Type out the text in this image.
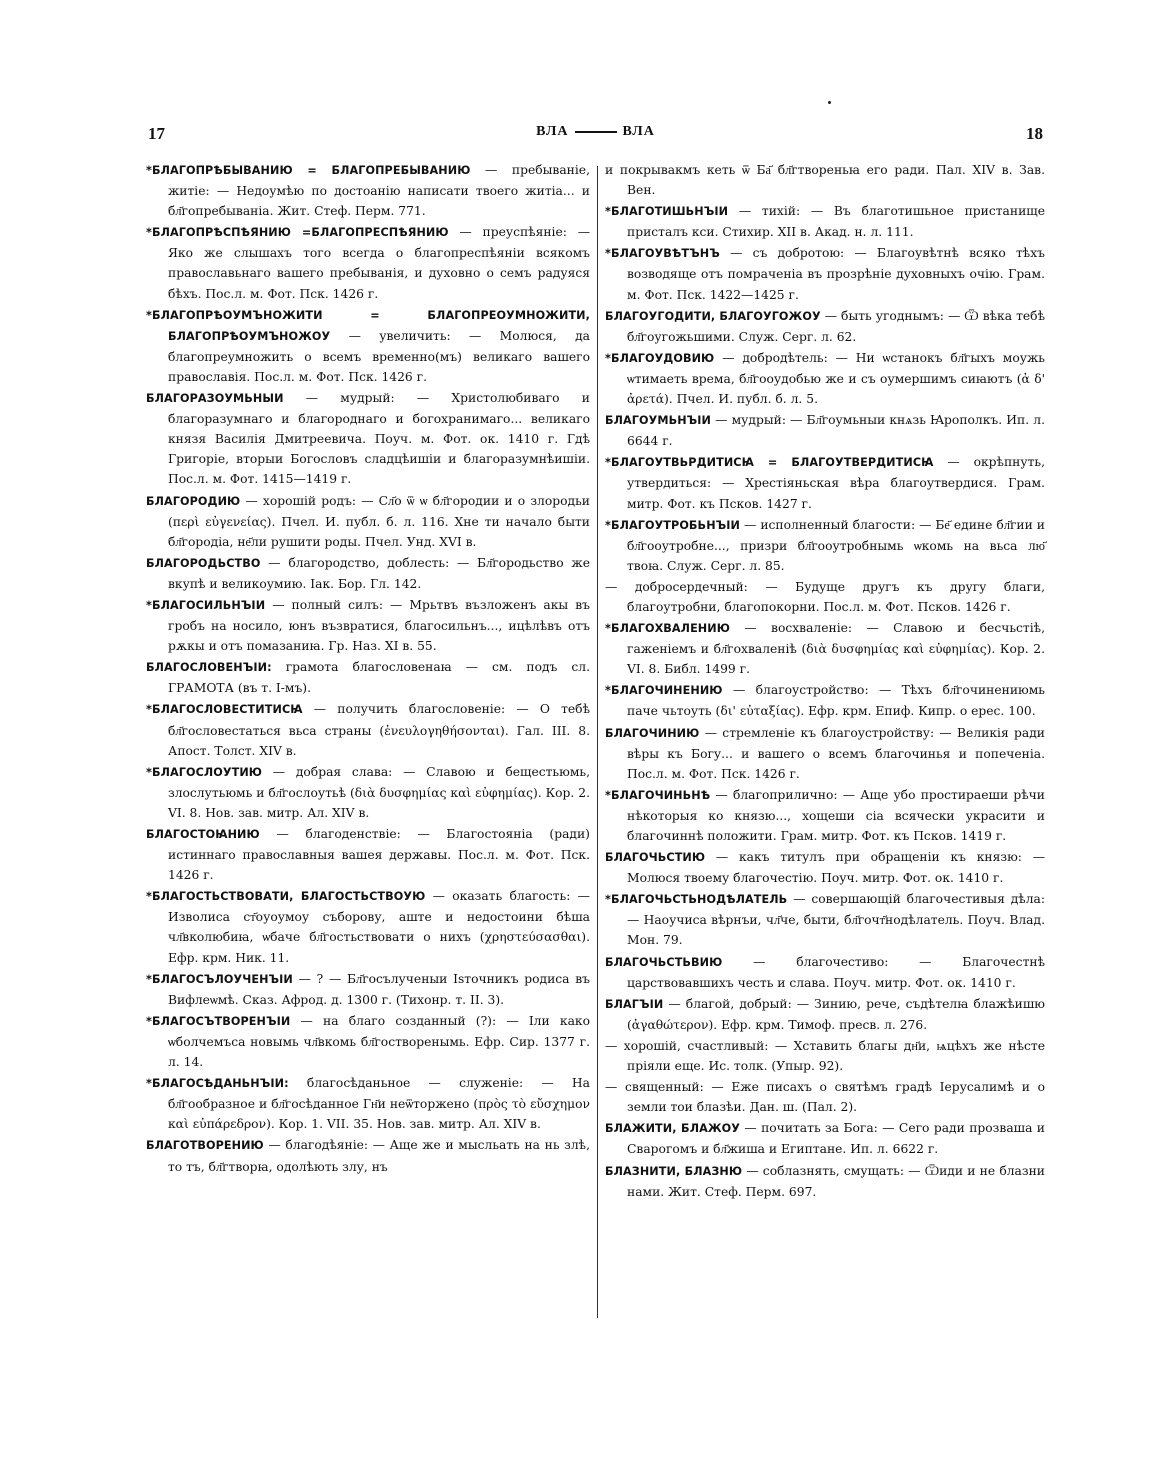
17	ВЛА	ВЛА	18

*БЛАГОПРѢБЫВАНИЮ = БЛАГОПРЕБЫВАНИЮ — пребываніе, житіе: — Недоумѣю по достоанію написати твоего житіа... и бл҃гопребываніа. Жит. Стеф. Перм. 771.

*БЛАГОПРѢСПѢЯНИЮ =БЛАГОПРЕСПѢЯНИЮ — преуспѣяніе: — Яко же слышахъ того всегда о благопреспѣяніи всякомъ православьнаго вашего пребыванія, и духовно о семъ радуяся бѣхъ. Пос.л. м. Фот. Пск. 1426 г.

*БЛАГОПРѢОУМЪНОЖИТИ = БЛАГОПРЕОУМНОЖИТИ, БЛАГОПРѢОУМЪНОЖОУ — увеличить: — Молюся, да благопреумножить о всемъ временно(мъ) великаго вашего православія. Пос.л. м. Фот. Пск. 1426 г.

БЛАГОРАЗОУМЬНЫИ — мудрый: — Христолюбиваго и благоразумнаго и благороднаго и богохранимаго... великаго князя Василія Дмитреевича. Поуч. м. Фот. ок. 1410 г. Гдѣ Григоріе, вторыи Богословъ сладцѣишіи и благоразумнѣишіи. Пос.л. м. Фот. 1415—1419 г.

БЛАГОРОДИЮ — хорошій родъ: — Сл҃о ѿ ѡ бл҃городии и о злородьи (περὶ εὐγενείας). Пчел. И. публ. б. л. 116. Хне ти начало быти бл҃городіа, не҃ли рушити роды. Пчел. Унд. XVI в.

БЛАГОРОДЬСТВО — благородство, доблесть: — Бл҃городьство же вкупѣ и великоумию. Iак. Бор. Гл. 142.

*БЛАГОСИЛЬНЪІИ — полный силъ: — Мрьтвъ възложенъ акы въ гробъ на носило, юнъ възвратися, благосильнъ..., ицѣлѣвъ отъ рѫкы и отъ помазаниꙗ. Гр. Наз. XI в. 55.

БЛАГОСЛОВЕНЪІИ: грамота благословенаꙗ — см. подъ сл. ГРАМОТА (въ т. I-мъ).

*БЛАГОСЛОВЕСТИТИСꙖ — получить благословеніе: — О тебѣ бл҃гословестаться вьса страны (ἐνευλογηθήσονται). Гал. III. 8. Апост. Толст. XIV в.

*БЛАГОСЛОУТИЮ — добрая слава: — Славою и бещестьюмь, злослутьюмь и бл҃гослоутьѣ (διὰ δυσφημίας καὶ εὐφημίας). Кор. 2. VI. 8. Нов. зав. митр. Ал. XIV в.

БЛАГОСТОꙖНИЮ — благоденствіе: — Благостояніа (ради) истиннаго православныя вашея державы. Пос.л. м. Фот. Пск. 1426 г.

*БЛАГОСТЬСТВОВАТИ, БЛАГОСТЬСТВОУЮ — оказать благость: — Изволиса ст҃оуоумоу съборову, аште и недостоини бѣша чл҃вколюбиꙗ, ѡбаче бл҃гостьствовати о нихъ (χρηστεύσασθαι). Ефр. крм. Ник. 11.

*БЛАГОСЪЛОУЧЕНЪІИ — ? — Бл҃госълученыи Іѕточникъ родиса въ Вифлеѡмѣ. Сказ. Афрод. д. 1300 г. (Тихонр. т. II. 3).

*БЛАГОСЪТВОРЕНЪІИ — на благо созданный (?): — Іли како ѡболчемъса новымь чл҃вкомь бл҃гостворенымь. Ефр. Сир. 1377 г. л. 14.

*БЛАГОСѢДАНЬНЪІИ: благосѣданьное — служеніе: — На бл҃гообразное и бл҃госѣданное Гн҃и неѿторжено (πρὸς τὸ εὔσχημον καὶ εὐπάρεδρον). Кор. 1. VII. 35. Нов. зав. митр. Ал. XIV в.

БЛАГОТВОРЕНИЮ — благодѣяніе: — Аще же и мысльать на нь злѣ, то тъ, бл҃гтворꙗ, одолѣють злу, нъ

и покрывакмъ кеть ѿ Ба҃ бл҃гтвореньꙗ его ради. Пал. XIV в. Зав. Вен.

*БЛАГОТИШЬНЪІИ — тихій: — Въ благотишьное пристанище присталъ кси. Стихир. XII в. Акад. н. л. 111.

*БЛАГОУВѢТЪНЪ — съ добротою: — Благоувѣтнѣ всяко тѣхъ возводяще отъ помраченіа въ прозрѣніе духовныхъ очію. Грам. м. Фот. Пск. 1422—1425 г.

БЛАГОУГОДИТИ, БЛАГОУГОЖОУ — быть угоднымъ: — Ѿ вѣка тебѣ бл҃гоугожьшими. Служ. Серг. л. 62.

*БЛАГОУДОВИЮ — добродѣтель: — Ни ѡстанокъ бл҃гыхъ моужь ѡтимаеть врема, бл҃гооудобью же и съ оумершимъ сиꙗютъ (ἁ δ' ἀρετά). Пчел. И. публ. б. л. 5.

БЛАГОУМЬНЪІИ — мудрый: — Бл҃гоумьныи кнѧзь Ꙗрополкъ. Ип. л. 6644 г.

*БЛАГОУТВЬРДИТИСꙖ = БЛАГОУТВЕРДИТИСꙖ — окрѣпнуть, утвердиться: — Хрестіяньская вѣра благоутвердися. Грам. митр. Фот. къ Псков. 1427 г.

*БЛАГОУТРОБЬНЪІИ — исполненный благости: — Бе҃ едине бл҃гии и бл҃гооутробне..., призри бл҃гооутробнымь ѡкомь на вьса лю҃ твоꙗ. Служ. Серг. л. 85.

— добросердечный: — Будуще другъ къ другу благи, благоутробни, благопокорни. Пос.л. м. Фот. Псков. 1426 г.

*БЛАГОХВАЛЕНИЮ — восхваленіе: — Славою и бесчьстіѣ, гаженіемъ и бл҃гохваленіѣ (διὰ δυσφημίας καὶ εὐφημίας). Кор. 2. VI. 8. Библ. 1499 г.

*БЛАГОЧИНЕНИЮ — благоустройство: — Тѣхъ бл҃гочинениюмь паче чьтоуть (δι' εὐταξίας). Ефр. крм. Епиф. Кипр. о ерес. 100.

БЛАГОЧИНИЮ — стремленіе къ благоустройству: — Великія ради вѣры къ Богу... и вашего о всемъ благочинья и попеченіа. Пос.л. м. Фот. Пск. 1426 г.

*БЛАГОЧИНЬНѢ — благоприлично: — Аще убо простираеши рѣчи нѣкоторыя ко князю..., хощеши сіа всячески украсити и благочиннѣ положити. Грам. митр. Фот. къ Псков. 1419 г.

БЛАГОЧЬСТИЮ — какъ титулъ при обращеніи къ князю: — Молюся твоему благочестію. Поуч. митр. Фот. ок. 1410 г.

*БЛАГОЧЬСТЬНОДѢЛАТЕЛЬ — совершающій благочестивыя дѣла: — Наоучиса вѣрнъи, чл҃че, быти, бл҃гочт҃нодѣлатель. Поуч. Влад. Мон. 79.

БЛАГОЧЬСТЬВИЮ	— благочестиво: — Благочестнѣ царствовавшихъ честь и слава. Поуч. митр. Фот. ок. 1410 г.

БЛАГЪІИ — благой, добрый: — Зинию, рече, съдѣтелꙗ блажѣишю (ἀγαθώτερον). Ефр. крм. Тимоф. пресв. л. 276.

— хорошій, счастливый: — Хставить благы дн҃и, ѩцѣхъ же нѣсте пріяли еще. Ис. толк. (Упыр. 92).

— священный: — Еже писахъ о святѣмъ градѣ Іерусалимѣ и о земли тои блазѣи. Дан. ш. (Пал. 2).

БЛАЖИТИ, БЛАЖОУ — почитать за Бога: — Сего ради прозваша и Сварогомъ и бл҃жиша и Египтане. Ип. л. 6622 г.

БЛАЗНИТИ, БЛАЗНЮ — соблазнять, смущать: — Ѿиди и не блазни нами. Жит. Стеф. Перм. 697.
